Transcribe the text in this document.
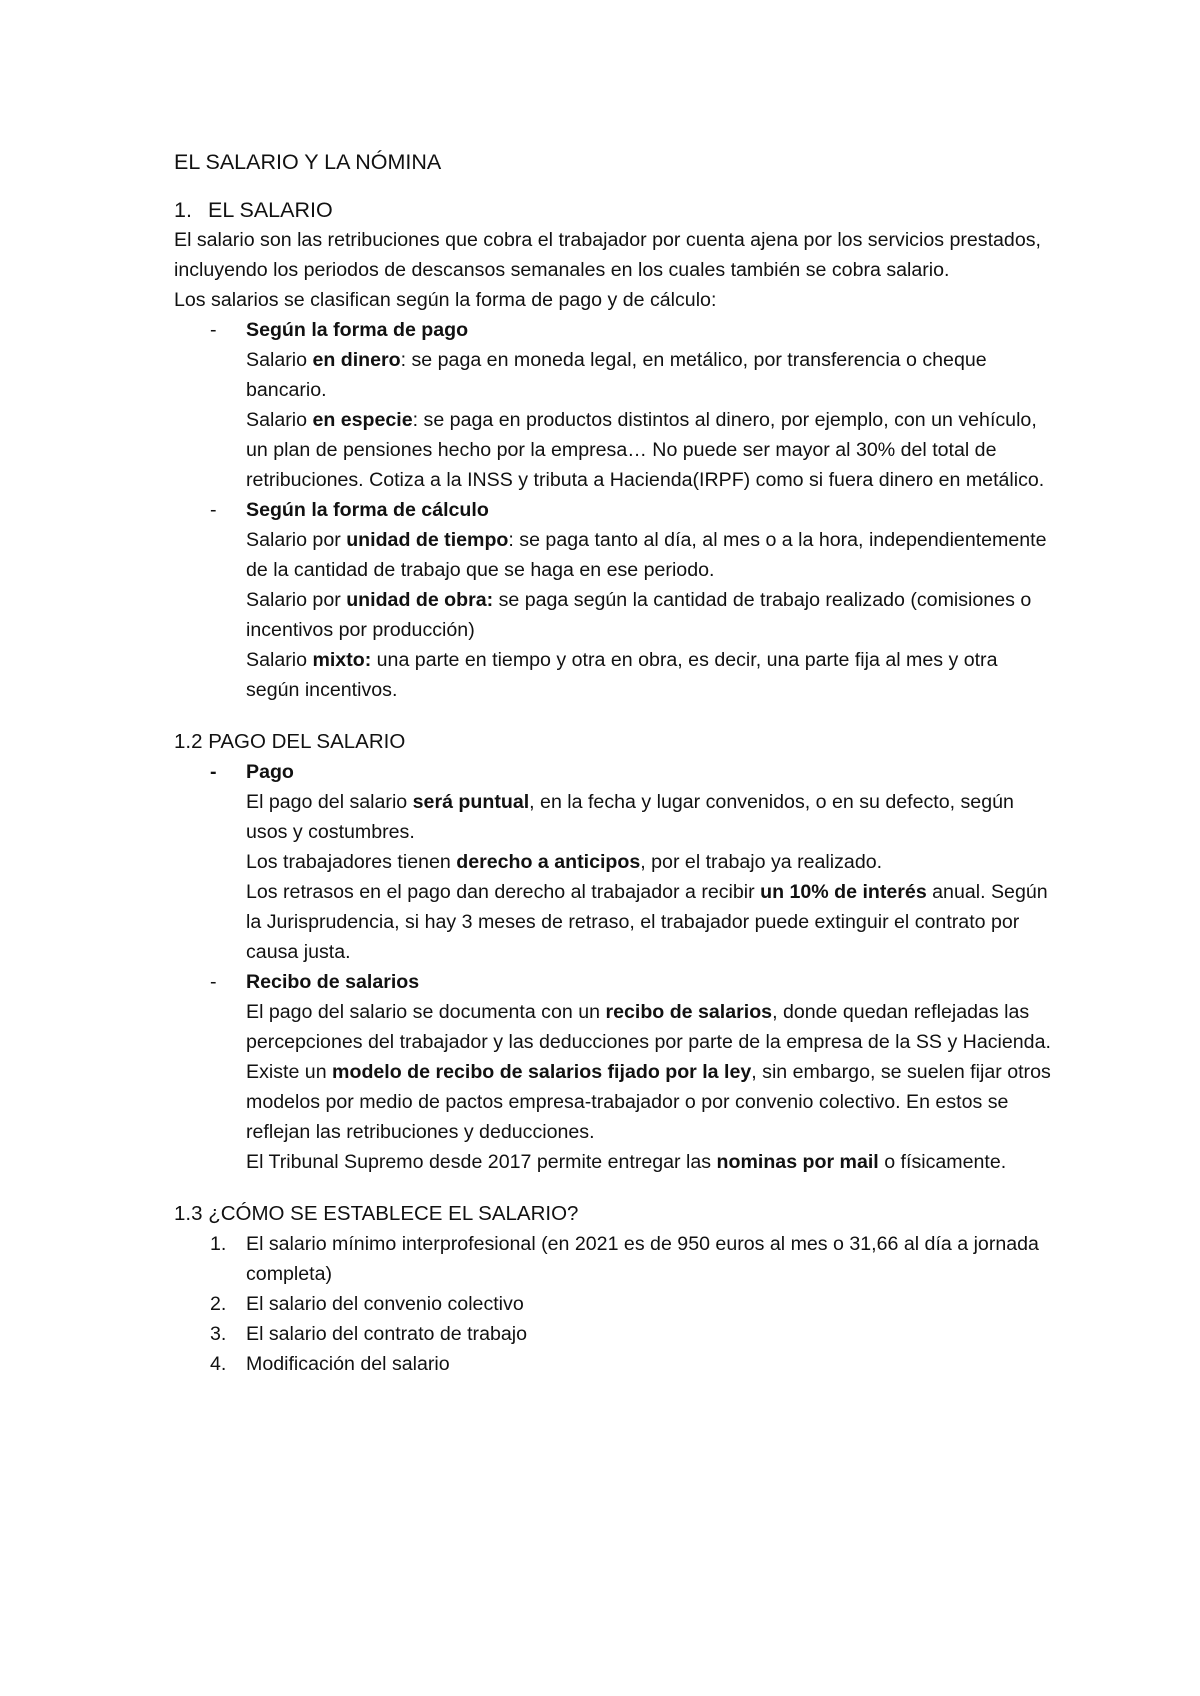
EL SALARIO Y LA NÓMINA

1. EL SALARIO

El salario son las retribuciones que cobra el trabajador por cuenta ajena por los servicios prestados, incluyendo los periodos de descansos semanales en los cuales también se cobra salario.

Los salarios se clasifican según la forma de pago y de cálculo:

- Según la forma de pago

Salario en dinero: se paga en moneda legal, en metálico, por transferencia o cheque bancario.

Salario en especie: se paga en productos distintos al dinero, por ejemplo, con un vehículo, un plan de pensiones hecho por la empresa… No puede ser mayor al 30% del total de retribuciones. Cotiza a la INSS y tributa a Hacienda(IRPF) como si fuera dinero en metálico.

- Según la forma de cálculo

Salario por unidad de tiempo: se paga tanto al día, al mes o a la hora, independientemente de la cantidad de trabajo que se haga en ese periodo.

Salario por unidad de obra: se paga según la cantidad de trabajo realizado (comisiones o incentivos por producción)

Salario mixto: una parte en tiempo y otra en obra, es decir, una parte fija al mes y otra según incentivos.

1.2 PAGO DEL SALARIO

- Pago

El pago del salario será puntual, en la fecha y lugar convenidos, o en su defecto, según usos y costumbres.

Los trabajadores tienen derecho a anticipos, por el trabajo ya realizado.

Los retrasos en el pago dan derecho al trabajador a recibir un 10% de interés anual. Según la Jurisprudencia, si hay 3 meses de retraso, el trabajador puede extinguir el contrato por causa justa.

- Recibo de salarios

El pago del salario se documenta con un recibo de salarios, donde quedan reflejadas las percepciones del trabajador y las deducciones por parte de la empresa de la SS y Hacienda.

Existe un modelo de recibo de salarios fijado por la ley, sin embargo, se suelen fijar otros modelos por medio de pactos empresa-trabajador o por convenio colectivo. En estos se reflejan las retribuciones y deducciones.

El Tribunal Supremo desde 2017 permite entregar las nominas por mail o físicamente.

1.3 ¿CÓMO SE ESTABLECE EL SALARIO?

1. El salario mínimo interprofesional (en 2021 es de 950 euros al mes o 31,66 al día a jornada completa)
2. El salario del convenio colectivo
3. El salario del contrato de trabajo
4. Modificación del salario
